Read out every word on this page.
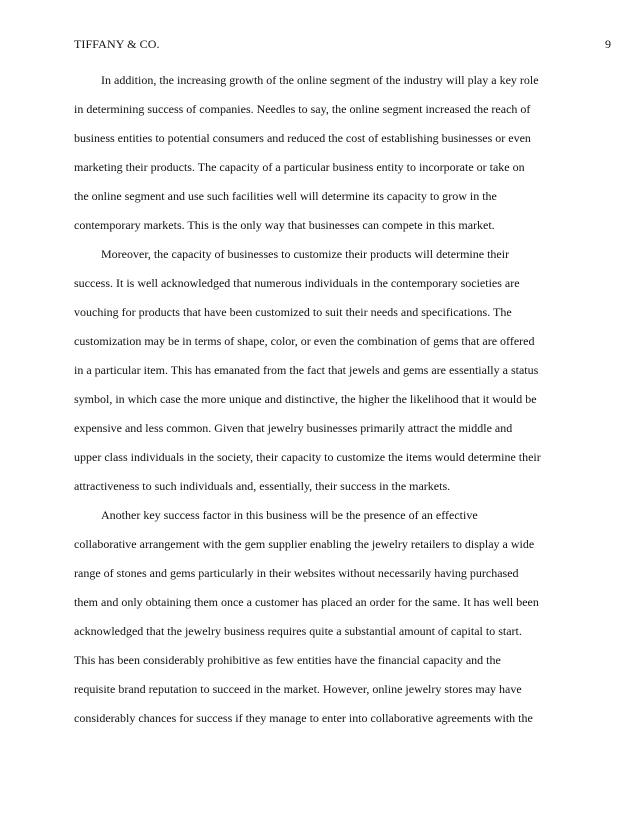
TIFFANY & CO.	9
In addition, the increasing growth of the online segment of the industry will play a key role
in determining success of companies. Needles to say, the online segment increased the reach of
business entities to potential consumers and reduced the cost of establishing businesses or even
marketing their products. The capacity of a particular business entity to incorporate or take on
the online segment and use such facilities well will determine its capacity to grow in the
contemporary markets. This is the only way that businesses can compete in this market.
Moreover, the capacity of businesses to customize their products will determine their
success. It is well acknowledged that numerous individuals in the contemporary societies are
vouching for products that have been customized to suit their needs and specifications. The
customization may be in terms of shape, color, or even the combination of gems that are offered
in a particular item. This has emanated from the fact that jewels and gems are essentially a status
symbol, in which case the more unique and distinctive, the higher the likelihood that it would be
expensive and less common. Given that jewelry businesses primarily attract the middle and
upper class individuals in the society, their capacity to customize the items would determine their
attractiveness to such individuals and, essentially, their success in the markets.
Another key success factor in this business will be the presence of an effective
collaborative arrangement with the gem supplier enabling the jewelry retailers to display a wide
range of stones and gems particularly in their websites without necessarily having purchased
them and only obtaining them once a customer has placed an order for the same. It has well been
acknowledged that the jewelry business requires quite a substantial amount of capital to start.
This has been considerably prohibitive as few entities have the financial capacity and the
requisite brand reputation to succeed in the market. However, online jewelry stores may have
considerably chances for success if they manage to enter into collaborative agreements with the
